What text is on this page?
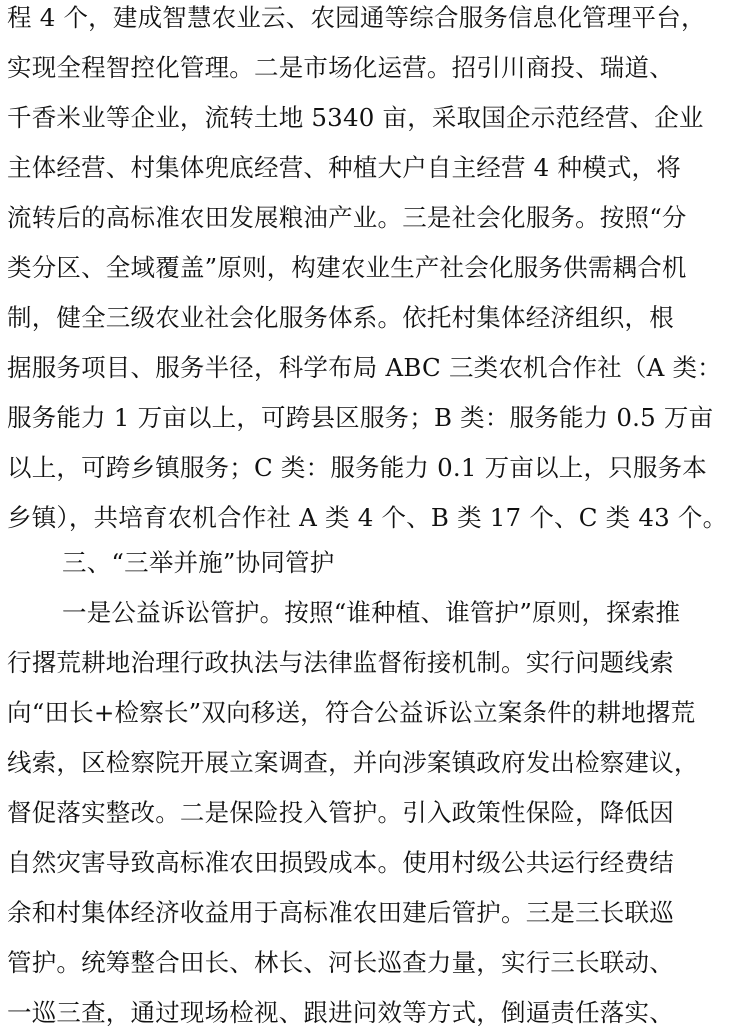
程 4 个，建成智慧农业云、农园通等综合服务信息化管理平台，
实现全程智控化管理。二是市场化运营。招引川商投、瑞道、
千香米业等企业，流转土地 5340 亩，采取国企示范经营、企业
主体经营、村集体兜底经营、种植大户自主经营 4 种模式，将
流转后的高标准农田发展粮油产业。三是社会化服务。按照“分
类分区、全域覆盖”原则，构建农业生产社会化服务供需耦合机
制，健全三级农业社会化服务体系。依托村集体经济组织，根
据服务项目、服务半径，科学布局 ABC 三类农机合作社（A 类：
服务能力 1 万亩以上，可跨县区服务；B 类：服务能力 0.5 万亩
以上，可跨乡镇服务；C 类：服务能力 0.1 万亩以上，只服务本
乡镇），共培育农机合作社 A 类 4 个、B 类 17 个、C 类 43 个。
三、“三举并施”协同管护
一是公益诉讼管护。按照“谁种植、谁管护”原则，探索推
行撂荒耕地治理行政执法与法律监督衔接机制。实行问题线索
向“田长+检察长”双向移送，符合公益诉讼立案条件的耕地撂荒
线索，区检察院开展立案调查，并向涉案镇政府发出检察建议，
督促落实整改。二是保险投入管护。引入政策性保险，降低因
自然灾害导致高标准农田损毁成本。使用村级公共运行经费结
余和村集体经济收益用于高标准农田建后管护。三是三长联巡
管护。统筹整合田长、林长、河长巡查力量，实行三长联动、
一巡三查，通过现场检视、跟进问效等方式，倒逼责任落实、
